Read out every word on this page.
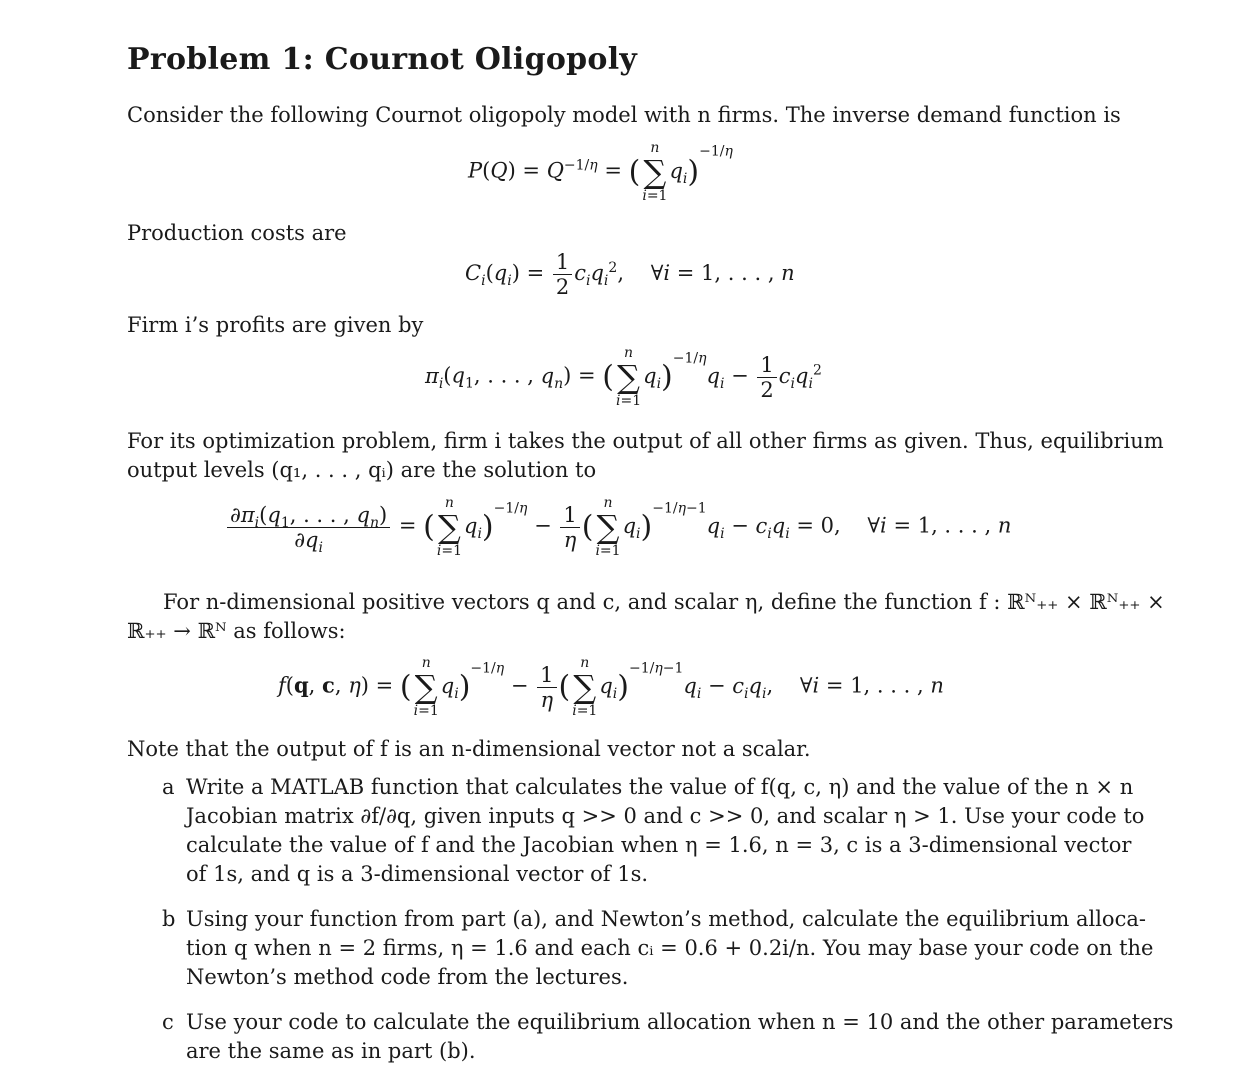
Problem 1: Cournot Oligopoly
Consider the following Cournot oligopoly model with n firms. The inverse demand function is
$P(Q) = Q^{-1/\eta}$ = (
n
∑
i=1
$q_i)^{-1/\eta}$
Production costs are
$C_i(q_i) = \frac{1}{2} c_iq_i^2$,    ∀i = 1, . . . , n
Firm i’s profits are given by
$\pi_i(q_1$, . . . , $q_n$) = (
n
∑
i=1
$q_i)^{-1/\eta}q_i - \frac{1}{2} c_iq_i^2$
For its optimization problem, firm i takes the output of all other firms as given. Thus, equilibrium
output levels (q₁, . . . , qᵢ) are the solution to
$\frac{\partial\pi_i(q_1, . . . , q_n)}{\partial q_i}$ = (
n
∑
i=1
$q_i)^{-1/\eta} - \frac{1}{\eta}$ (
n
∑
i=1
$q_i)^{-1/\eta-1}q_i - c_iq_i = 0$,    ∀i = 1, . . . , n
For n-dimensional positive vectors q and c, and scalar η, define the function f : ℝᴺ₊₊ × ℝᴺ₊₊ ×
ℝ₊₊ → ℝᴺ as follows:
f(q, c, η) = (
n
∑
i=1
$q_i)^{-1/\eta} - \frac{1}{\eta}$ (
n
∑
i=1
$q_i)^{-1/\eta-1}q_i - c_iq_i$,    ∀i = 1, . . . , n
Note that the output of f is an n-dimensional vector not a scalar.
a Write a MATLAB function that calculates the value of f(q, c, η) and the value of the n × n
Jacobian matrix ∂f/∂q, given inputs q >> 0 and c >> 0, and scalar η > 1. Use your code to
calculate the value of f and the Jacobian when η = 1.6, n = 3, c is a 3-dimensional vector
of 1s, and q is a 3-dimensional vector of 1s.
b Using your function from part (a), and Newton’s method, calculate the equilibrium alloca-
tion q when n = 2 firms, η = 1.6 and each cᵢ = 0.6 + 0.2i/n. You may base your code on the
Newton’s method code from the lectures.
c Use your code to calculate the equilibrium allocation when n = 10 and the other parameters
are the same as in part (b).
